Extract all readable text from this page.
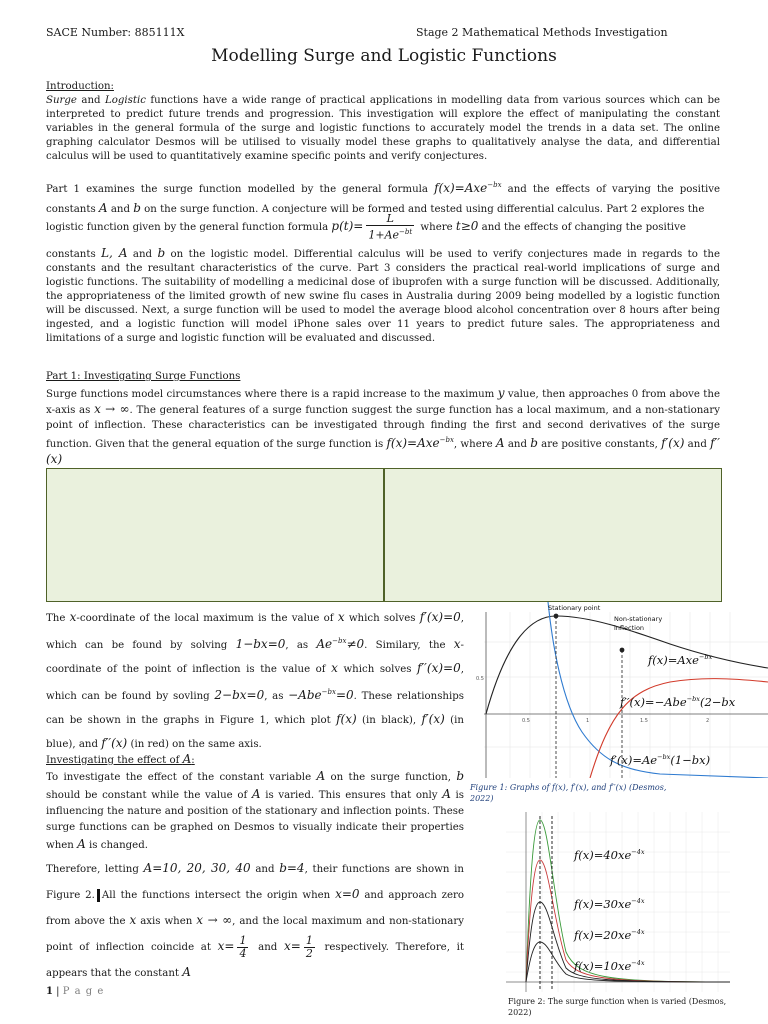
SACE Number: 885111X	Stage 2 Mathematical Methods Investigation
Modelling Surge and Logistic Functions
Introduction:
Surge and Logistic functions have a wide range of practical applications in modelling data from various sources which can be interpreted to predict future trends and progression. This investigation will explore the effect of manipulating the constant variables in the general formula of the surge and logistic functions to accurately model the trends in a data set. The online graphing calculator Desmos will be utilised to visually model these graphs to qualitatively analyse the data, and differential calculus will be used to quantitatively examine specific points and verify conjectures.
Part 1 examines the surge function modelled by the general formula f(x)=Axe$^{-bx}$ and the effects of varying the positive constants A and b on the surge function. A conjecture will be formed and tested using differential calculus. Part 2 explores the
logistic function given by the general function formula $p(t)= \frac{L}{1+Ae^{-bt}}$ where t≥0 and the effects of changing the positive
constants L, A and b on the logistic model. Differential calculus will be used to verify conjectures made in regards to the constants and the resultant characteristics of the curve. Part 3 considers the practical real-world implications of surge and logistic functions. The suitability of modelling a medicinal dose of ibuprofen with a surge function will be discussed. Additionally, the appropriateness of the limited growth of new swine flu cases in Australia during 2009 being modelled by a logistic function will be discussed. Next, a surge function will be used to model the average blood alcohol concentration over 8 hours after being ingested, and a logistic function will model iPhone sales over 11 years to predict future sales. The appropriateness and limitations of a surge and logistic function will be evaluated and discussed.
Part 1: Investigating Surge Functions
Surge functions model circumstances where there is a rapid increase to the maximum y value, then approaches 0 from above the x-axis as x → ∞. The general features of a surge function suggest the surge function has a local maximum, and a non-stationary point of inflection. These characteristics can be investigated through finding the first and second derivatives of the surge function. Given that the general equation of the surge function is f(x)=Axe$^{-bx}$, where A and b are positive constants, f′(x) and f′′(x)
The x-coordinate of the local maximum is the value of x which solves f′(x)=0, which can be found by solving 1−bx=0, as $Ae^{-bx}\ne 0$. Similary, the x-coordinate of the point of inflection is the value of x which solves f′′(x)=0, which can be found by sovling 2−bx=0, as −Abe$^{-bx}$=0. These relationships can be shown in the graphs in Figure 1, which plot f(x) (in black), f′(x) (in blue), and f′′(x) (in red) on the same axis.
Investigating the effect of A:
To investigate the effect of the constant variable A on the surge function, b should be constant while the value of A is varied. This ensures that only A is influencing the nature and position of the stationary and inflection points. These surge functions can be graphed on Desmos to visually indicate their properties when A is changed.
Therefore, letting A=10, 20, 30, 40 and b=4, their functions are shown in Figure 2. All the functions intersect the origin when x=0 and approach zero from above the x axis when x → ∞, and the local maximum and non-stationary point of inflection coincide at $x= \frac{1}{4}$ and $x= \frac{1}{2}$ respectively. Therefore, it appears that the constant A
0.5
0.5	1	1.5	2
Stationary point
Non-stationary
inflection
f(x)=Axe$^{-bx}$
f′′(x)=−Abe$^{-bx}$(2−bx
$f'(x)=Ae^{-bx}(1-bx)$
Figure 1: Graphs of f(x), f′(x), and f′′(x) (Desmos,
2022)
$f(x)=40xe^{-4x}$
$f(x)=30xe^{-4x}$
$f(x)=20xe^{-4x}$
$f(x)=10xe^{-4x}$
Figure 2: The surge function when is varied (Desmos,
2022)
1 | P a g e
